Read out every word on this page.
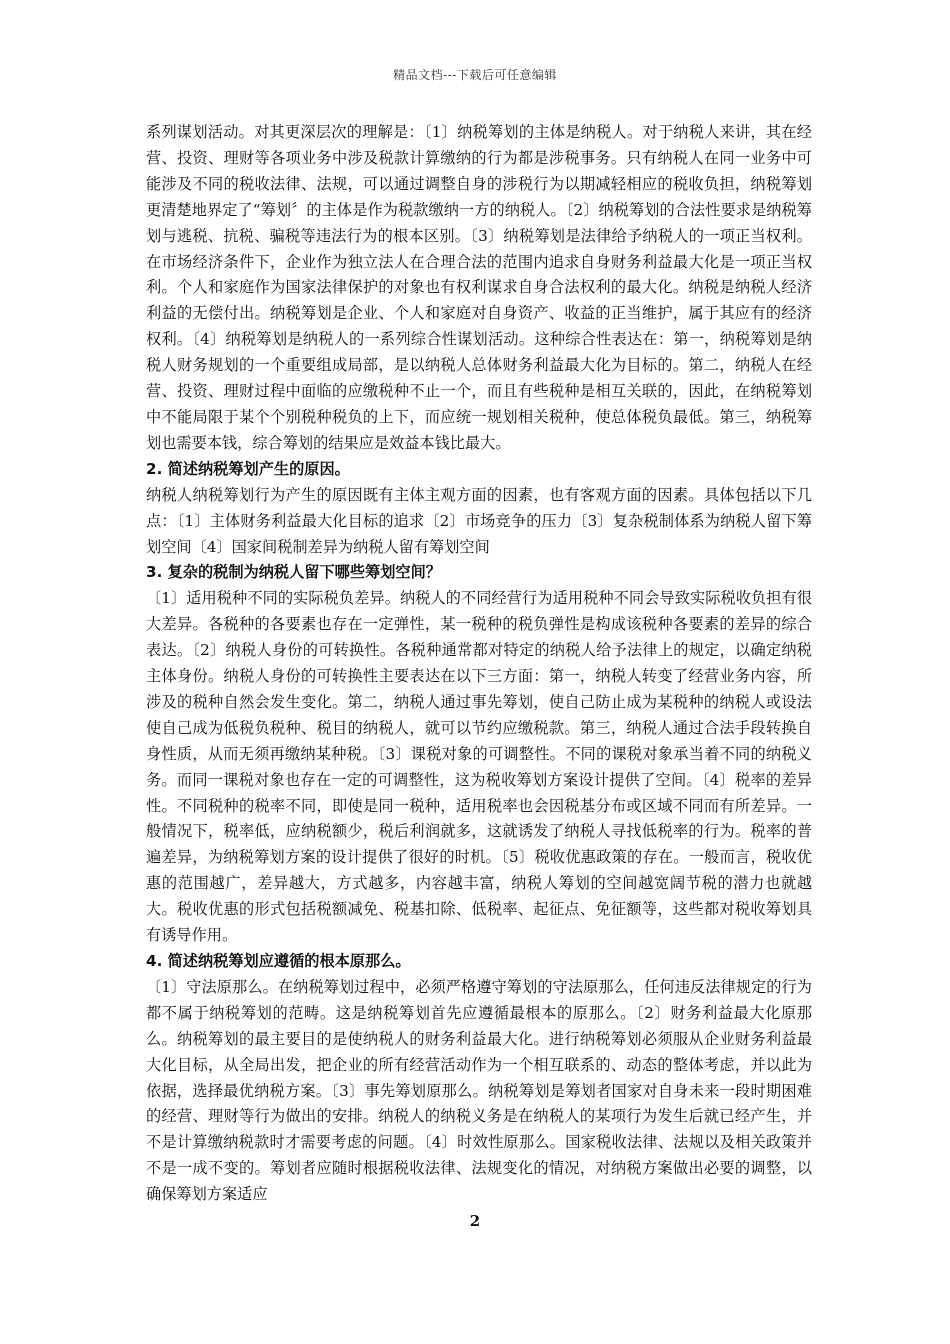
精品文档---下载后可任意编辑

系列谋划活动。对其更深层次的理解是：〔1〕纳税筹划的主体是纳税人。对于纳税人来讲，其在经营、投资、理财等各项业务中涉及税款计算缴纳的行为都是涉税事务。只有纳税人在同一业务中可能涉及不同的税收法律、法规，可以通过调整自身的涉税行为以期减轻相应的税收负担，纳税筹划更清楚地界定了“筹划〞的主体是作为税款缴纳一方的纳税人。〔2〕纳税筹划的合法性要求是纳税筹划与逃税、抗税、骗税等违法行为的根本区别。〔3〕纳税筹划是法律给予纳税人的一项正当权利。在市场经济条件下，企业作为独立法人在合理合法的范围内追求自身财务利益最大化是一项正当权利。个人和家庭作为国家法律保护的对象也有权利谋求自身合法权利的最大化。纳税是纳税人经济利益的无偿付出。纳税筹划是企业、个人和家庭对自身资产、收益的正当维护，属于其应有的经济权利。〔4〕纳税筹划是纳税人的一系列综合性谋划活动。这种综合性表达在：第一，纳税筹划是纳税人财务规划的一个重要组成局部，是以纳税人总体财务利益最大化为目标的。第二，纳税人在经营、投资、理财过程中面临的应缴税种不止一个，而且有些税种是相互关联的，因此，在纳税筹划中不能局限于某个个别税种税负的上下，而应统一规划相关税种，使总体税负最低。第三，纳税筹划也需要本钱，综合筹划的结果应是效益本钱比最大。

2. 简述纳税筹划产生的原因。

纳税人纳税筹划行为产生的原因既有主体主观方面的因素，也有客观方面的因素。具体包括以下几点：〔1〕主体财务利益最大化目标的追求〔2〕市场竞争的压力〔3〕复杂税制体系为纳税人留下筹划空间〔4〕国家间税制差异为纳税人留有筹划空间

3. 复杂的税制为纳税人留下哪些筹划空间？

〔1〕适用税种不同的实际税负差异。纳税人的不同经营行为适用税种不同会导致实际税收负担有很大差异。各税种的各要素也存在一定弹性，某一税种的税负弹性是构成该税种各要素的差异的综合表达。〔2〕纳税人身份的可转换性。各税种通常都对特定的纳税人给予法律上的规定，以确定纳税主体身份。纳税人身份的可转换性主要表达在以下三方面：第一，纳税人转变了经营业务内容，所涉及的税种自然会发生变化。第二，纳税人通过事先筹划，使自己防止成为某税种的纳税人或设法使自己成为低税负税种、税目的纳税人，就可以节约应缴税款。第三，纳税人通过合法手段转换自身性质，从而无须再缴纳某种税。〔3〕课税对象的可调整性。不同的课税对象承当着不同的纳税义务。而同一课税对象也存在一定的可调整性，这为税收筹划方案设计提供了空间。〔4〕税率的差异性。不同税种的税率不同，即使是同一税种，适用税率也会因税基分布或区域不同而有所差异。一般情况下，税率低，应纳税额少，税后利润就多，这就诱发了纳税人寻找低税率的行为。税率的普遍差异，为纳税筹划方案的设计提供了很好的时机。〔5〕税收优惠政策的存在。一般而言，税收优惠的范围越广，差异越大，方式越多，内容越丰富，纳税人筹划的空间越宽阔节税的潜力也就越大。税收优惠的形式包括税额减免、税基扣除、低税率、起征点、免征额等，这些都对税收筹划具有诱导作用。

4. 简述纳税筹划应遵循的根本原那么。

〔1〕守法原那么。在纳税筹划过程中，必须严格遵守筹划的守法原那么，任何违反法律规定的行为都不属于纳税筹划的范畴。这是纳税筹划首先应遵循最根本的原那么。〔2〕财务利益最大化原那么。纳税筹划的最主要目的是使纳税人的财务利益最大化。进行纳税筹划必须服从企业财务利益最大化目标，从全局出发，把企业的所有经营活动作为一个相互联系的、动态的整体考虑，并以此为依据，选择最优纳税方案。〔3〕事先筹划原那么。纳税筹划是筹划者国家对自身未来一段时期困难的经营、理财等行为做出的安排。纳税人的纳税义务是在纳税人的某项行为发生后就已经产生，并不是计算缴纳税款时才需要考虑的问题。〔4〕时效性原那么。国家税收法律、法规以及相关政策并不是一成不变的。筹划者应随时根据税收法律、法规变化的情况，对纳税方案做出必要的调整，以确保筹划方案适应

2
